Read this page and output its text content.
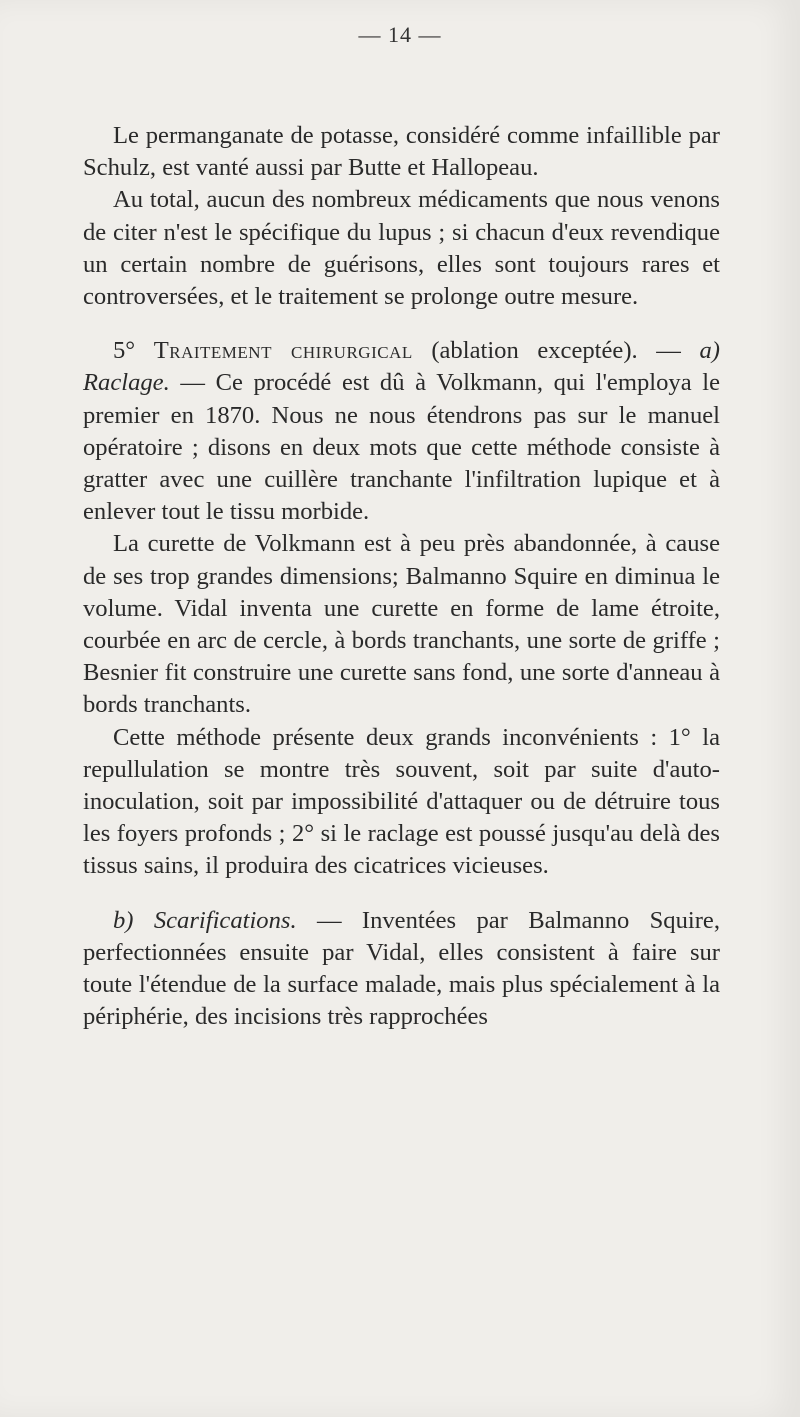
— 14 —

Le permanganate de potasse, considéré comme infaillible par Schulz, est vanté aussi par Butte et Hallopeau.

Au total, aucun des nombreux médicaments que nous venons de citer n'est le spécifique du lupus ; si chacun d'eux revendique un certain nombre de guérisons, elles sont toujours rares et controversées, et le traitement se prolonge outre mesure.

5° Traitement chirurgical (ablation exceptée). — a) Raclage. — Ce procédé est dû à Volkmann, qui l'employa le premier en 1870. Nous ne nous étendrons pas sur le manuel opératoire ; disons en deux mots que cette méthode consiste à gratter avec une cuillère tranchante l'infiltration lupique et à enlever tout le tissu morbide.

La curette de Volkmann est à peu près abandonnée, à cause de ses trop grandes dimensions; Balmanno Squire en diminua le volume. Vidal inventa une curette en forme de lame étroite, courbée en arc de cercle, à bords tranchants, une sorte de griffe ; Besnier fit construire une curette sans fond, une sorte d'anneau à bords tranchants.

Cette méthode présente deux grands inconvénients : 1° la repullulation se montre très souvent, soit par suite d'auto-inoculation, soit par impossibilité d'attaquer ou de détruire tous les foyers profonds ; 2° si le raclage est poussé jusqu'au delà des tissus sains, il produira des cicatrices vicieuses.

b) Scarifications. — Inventées par Balmanno Squire, perfectionnées ensuite par Vidal, elles consistent à faire sur toute l'étendue de la surface malade, mais plus spécialement à la périphérie, des incisions très rapprochées
